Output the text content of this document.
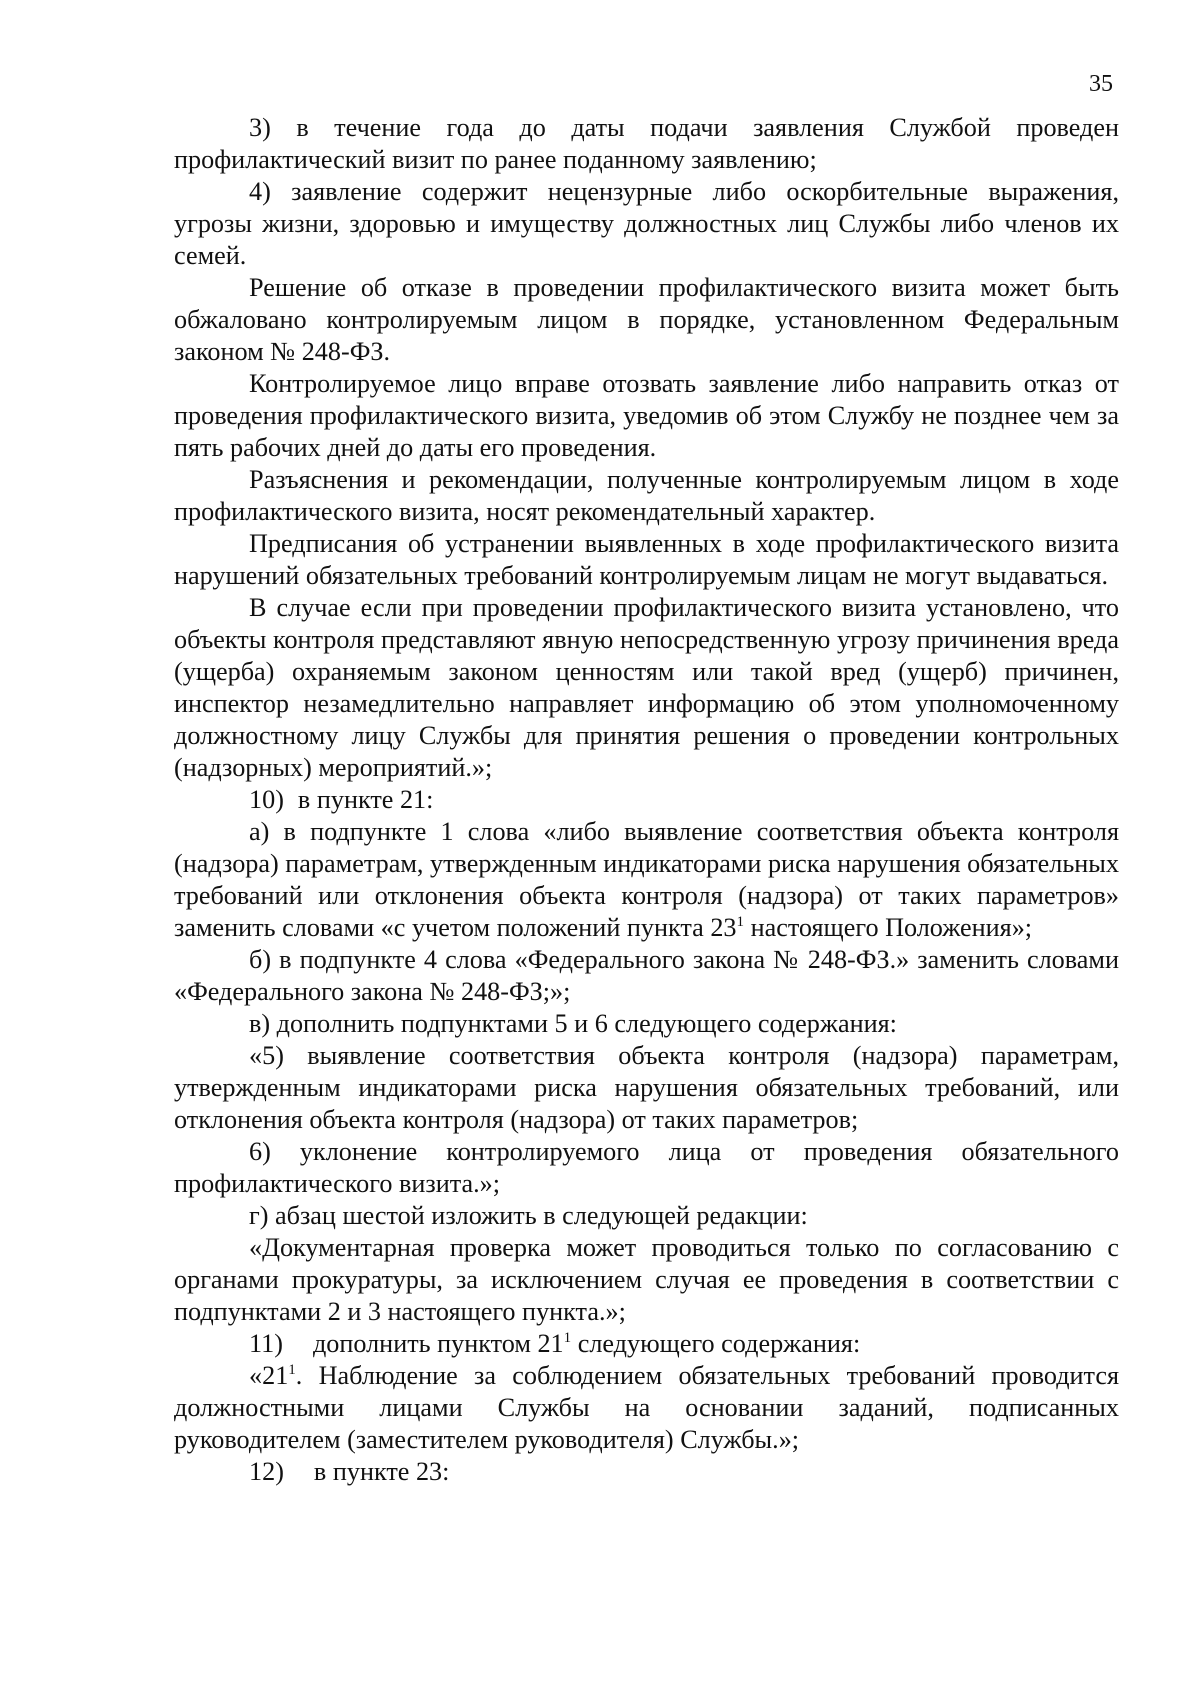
35

3) в течение года до даты подачи заявления Службой проведен профилактический визит по ранее поданному заявлению;

4) заявление содержит нецензурные либо оскорбительные выражения, угрозы жизни, здоровью и имуществу должностных лиц Службы либо членов их семей.

Решение об отказе в проведении профилактического визита может быть обжаловано контролируемым лицом в порядке, установленном Федеральным законом № 248-ФЗ.

Контролируемое лицо вправе отозвать заявление либо направить отказ от проведения профилактического визита, уведомив об этом Службу не позднее чем за пять рабочих дней до даты его проведения.

Разъяснения и рекомендации, полученные контролируемым лицом в ходе профилактического визита, носят рекомендательный характер.

Предписания об устранении выявленных в ходе профилактического визита нарушений обязательных требований контролируемым лицам не могут выдаваться.

В случае если при проведении профилактического визита установлено, что объекты контроля представляют явную непосредственную угрозу причинения вреда (ущерба) охраняемым законом ценностям или такой вред (ущерб) причинен, инспектор незамедлительно направляет информацию об этом уполномоченному должностному лицу Службы для принятия решения о проведении контрольных (надзорных) мероприятий.»;

10) в пункте 21:

а) в подпункте 1 слова «либо выявление соответствия объекта контроля (надзора) параметрам, утвержденным индикаторами риска нарушения обязательных требований или отклонения объекта контроля (надзора) от таких параметров» заменить словами «с учетом положений пункта $23^1$ настоящего Положения»;

б) в подпункте 4 слова «Федерального закона № 248-ФЗ.» заменить словами «Федерального закона № 248-ФЗ;»;

в) дополнить подпунктами 5 и 6 следующего содержания:

«5) выявление соответствия объекта контроля (надзора) параметрам, утвержденным индикаторами риска нарушения обязательных требований, или отклонения объекта контроля (надзора) от таких параметров;

6) уклонение контролируемого лица от проведения обязательного профилактического визита.»;

г) абзац шестой изложить в следующей редакции:

«Документарная проверка может проводиться только по согласованию с органами прокуратуры, за исключением случая ее проведения в соответствии с подпунктами 2 и 3 настоящего пункта.»;

11) дополнить пунктом $21^1$ следующего содержания:

«$21^1$. Наблюдение за соблюдением обязательных требований проводится должностными лицами Службы на основании заданий, подписанных руководителем (заместителем руководителя) Службы.»;

12) в пункте 23:
